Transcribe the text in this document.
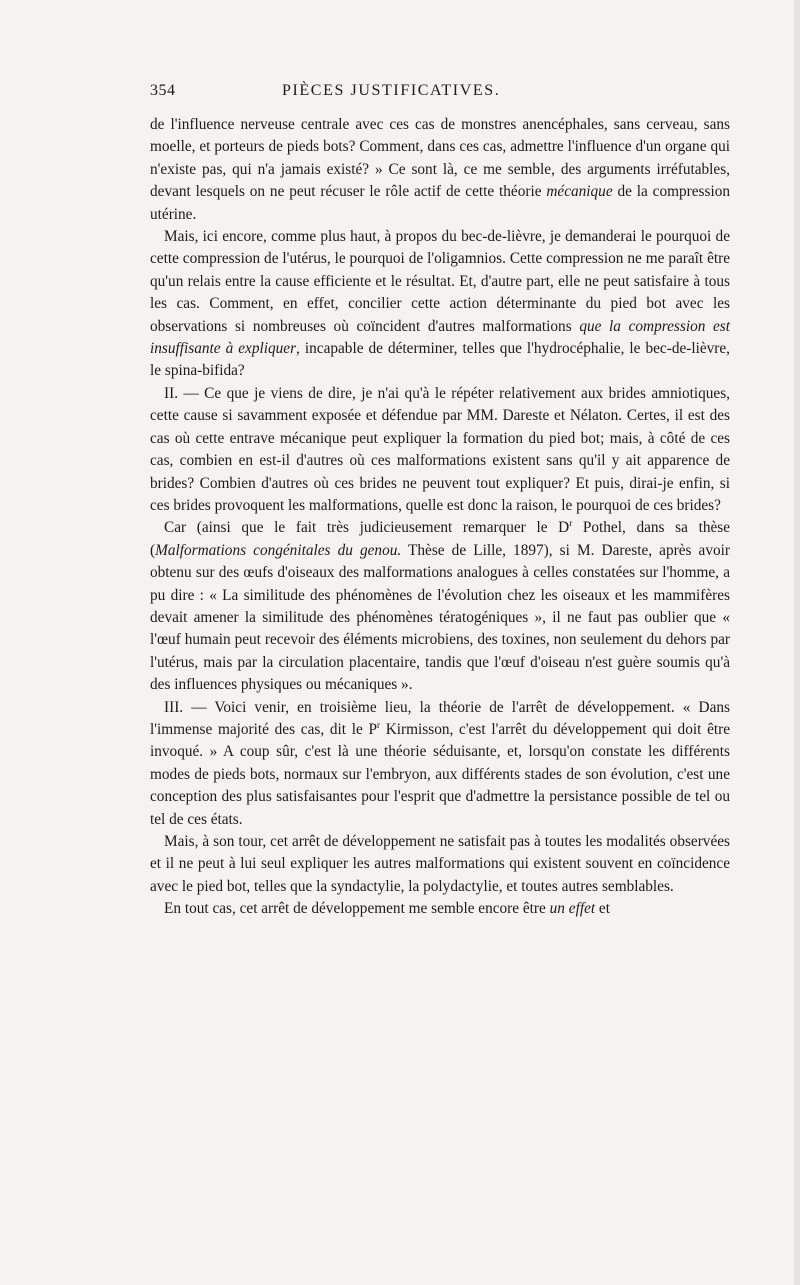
354	PIÈCES JUSTIFICATIVES.

de l'influence nerveuse centrale avec ces cas de monstres anencéphales, sans cerveau, sans moelle, et porteurs de pieds bots? Comment, dans ces cas, admettre l'influence d'un organe qui n'existe pas, qui n'a jamais existé? » Ce sont là, ce me semble, des arguments irréfutables, devant lesquels on ne peut récuser le rôle actif de cette théorie mécanique de la compression utérine.

Mais, ici encore, comme plus haut, à propos du bec-de-lièvre, je demanderai le pourquoi de cette compression de l'utérus, le pourquoi de l'oligamnios. Cette compression ne me paraît être qu'un relais entre la cause efficiente et le résultat. Et, d'autre part, elle ne peut satisfaire à tous les cas. Comment, en effet, concilier cette action déterminante du pied bot avec les observations si nombreuses où coïncident d'autres malformations que la compression est insuffisante à expliquer, incapable de déterminer, telles que l'hydrocéphalie, le bec-de-lièvre, le spina-bifida?

II. — Ce que je viens de dire, je n'ai qu'à le répéter relativement aux brides amniotiques, cette cause si savamment exposée et défendue par MM. Dareste et Nélaton. Certes, il est des cas où cette entrave mécanique peut expliquer la formation du pied bot; mais, à côté de ces cas, combien en est-il d'autres où ces malformations existent sans qu'il y ait apparence de brides? Combien d'autres où ces brides ne peuvent tout expliquer? Et puis, dirai-je enfin, si ces brides provoquent les malformations, quelle est donc la raison, le pourquoi de ces brides?

Car (ainsi que le fait très judicieusement remarquer le $D^r$ Pothel, dans sa thèse (Malformations congénitales du genou. Thèse de Lille, 1897), si M. Dareste, après avoir obtenu sur des œufs d'oiseaux des malformations analogues à celles constatées sur l'homme, a pu dire : « La similitude des phénomènes de l'évolution chez les oiseaux et les mammifères devait amener la similitude des phénomènes tératogéniques », il ne faut pas oublier que « l'œuf humain peut recevoir des éléments microbiens, des toxines, non seulement du dehors par l'utérus, mais par la circulation placentaire, tandis que l'œuf d'oiseau n'est guère soumis qu'à des influences physiques ou mécaniques ».

III. — Voici venir, en troisième lieu, la théorie de l'arrêt de développement. « Dans l'immense majorité des cas, dit le $P^r$ Kirmisson, c'est l'arrêt du développement qui doit être invoqué. » A coup sûr, c'est là une théorie séduisante, et, lorsqu'on constate les différents modes de pieds bots, normaux sur l'embryon, aux différents stades de son évolution, c'est une conception des plus satisfaisantes pour l'esprit que d'admettre la persistance possible de tel ou tel de ces états.

Mais, à son tour, cet arrêt de développement ne satisfait pas à toutes les modalités observées et il ne peut à lui seul expliquer les autres malformations qui existent souvent en coïncidence avec le pied bot, telles que la syndactylie, la polydactylie, et toutes autres semblables.

En tout cas, cet arrêt de développement me semble encore être un effet et
